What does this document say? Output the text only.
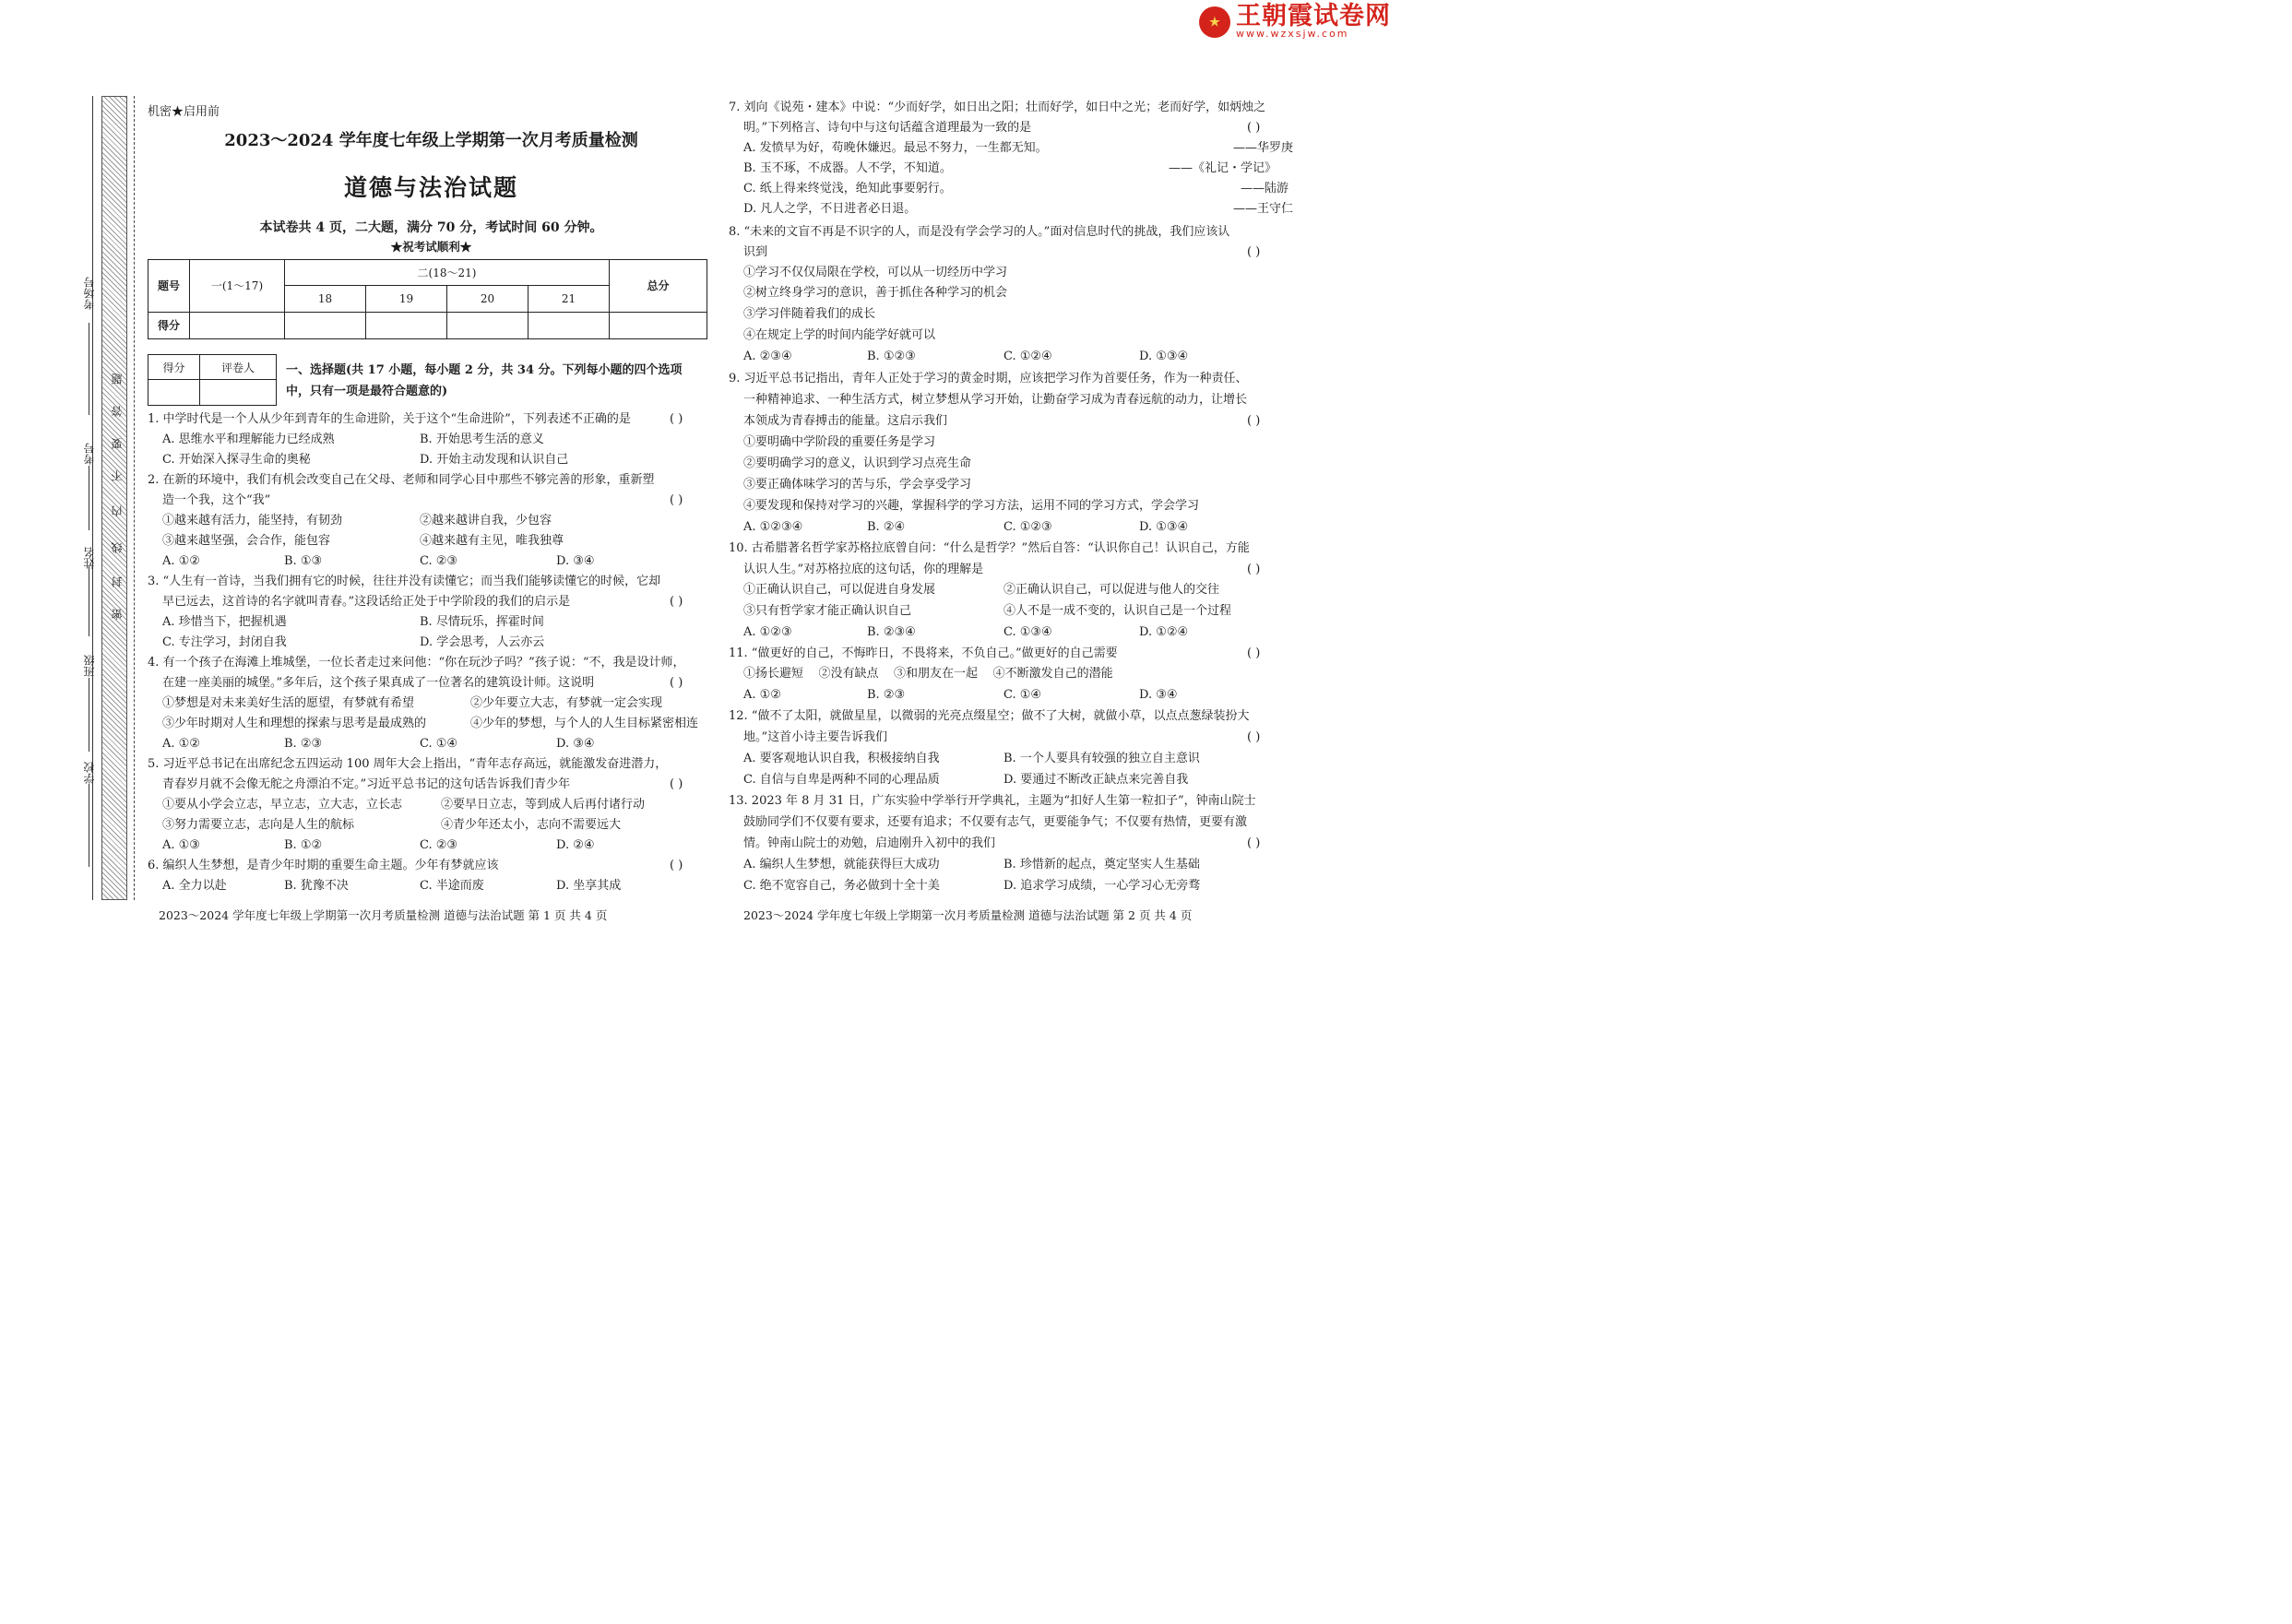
★ 王朝霞试卷网
www.wzxsjw.com
考场号
考号
姓名
班级
学校
题
答
要
不
内
线
封
密
机密★启用前
2023～2024 学年度七年级上学期第一次月考质量检测
道德与法治试题
本试卷共 4 页，二大题，满分 70 分，考试时间 60 分钟。
★祝考试顺利★
题号	一(1～17)	二(18～21)				总分
		18	19	20	21	
得分						
得分	评卷人
		一、选择题(共 17 小题，每小题 2 分，共 34 分。下列每小题的四个选项
中，只有一项是最符合题意的)
1. 中学时代是一个人从少年到青年的生命进阶，关于这个“生命进阶”，下列表述不正确的是	( )
A. 思维水平和理解能力已经成熟	B. 开始思考生活的意义
C. 开始深入探寻生命的奥秘	D. 开始主动发现和认识自己
2. 在新的环境中，我们有机会改变自己在父母、老师和同学心目中那些不够完善的形象，重新塑
造一个我，这个“我”	( )
①越来越有活力，能坚持，有韧劲	②越来越讲自我，少包容
③越来越坚强，会合作，能包容	④越来越有主见，唯我独尊
A. ①②	B. ①③	C. ②③	D. ③④
3. “人生有一首诗，当我们拥有它的时候，往往并没有读懂它；而当我们能够读懂它的时候，它却
早已远去，这首诗的名字就叫青春。”这段话给正处于中学阶段的我们的启示是	( )
A. 珍惜当下，把握机遇	B. 尽情玩乐，挥霍时间
C. 专注学习，封闭自我	D. 学会思考，人云亦云
4. 有一个孩子在海滩上堆城堡，一位长者走过来问他：“你在玩沙子吗？”孩子说：“不，我是设计师，
在建一座美丽的城堡。”多年后，这个孩子果真成了一位著名的建筑设计师。这说明	( )
①梦想是对未来美好生活的愿望，有梦就有希望	②少年要立大志，有梦就一定会实现
③少年时期对人生和理想的探索与思考是最成熟的	④少年的梦想，与个人的人生目标紧密相连
A. ①②	B. ②③	C. ①④	D. ③④
5. 习近平总书记在出席纪念五四运动 100 周年大会上指出，“青年志存高远，就能激发奋进潜力，
青春岁月就不会像无舵之舟漂泊不定。”习近平总书记的这句话告诉我们青少年	( )
①要从小学会立志，早立志，立大志，立长志	②要早日立志，等到成人后再付诸行动
③努力需要立志，志向是人生的航标	④青少年还太小，志向不需要远大
A. ①③	B. ①②	C. ②③	D. ②④
6. 编织人生梦想，是青少年时期的重要生命主题。少年有梦就应该	( )
A. 全力以赴	B. 犹豫不决	C. 半途而废	D. 坐享其成
2023～2024 学年度七年级上学期第一次月考质量检测 道德与法治试题 第 1 页 共 4 页
7. 刘向《说苑・建本》中说：“少而好学，如日出之阳；壮而好学，如日中之光；老而好学，如炳烛之
明。”下列格言、诗句中与这句话蕴含道理最为一致的是	( )
A. 发愤早为好，苟晚休嫌迟。最忌不努力，一生都无知。	——华罗庚
B. 玉不琢，不成器。人不学，不知道。	——《礼记・学记》
C. 纸上得来终觉浅，绝知此事要躬行。	——陆游
D. 凡人之学，不日进者必日退。	——王守仁
8. “未来的文盲不再是不识字的人，而是没有学会学习的人。”面对信息时代的挑战，我们应该认
识到	( )
①学习不仅仅局限在学校，可以从一切经历中学习
②树立终身学习的意识，善于抓住各种学习的机会
③学习伴随着我们的成长
④在规定上学的时间内能学好就可以
A. ②③④	B. ①②③	C. ①②④	D. ①③④
9. 习近平总书记指出，青年人正处于学习的黄金时期，应该把学习作为首要任务，作为一种责任、
一种精神追求、一种生活方式，树立梦想从学习开始，让勤奋学习成为青春远航的动力，让增长
本领成为青春搏击的能量。这启示我们	( )
①要明确中学阶段的重要任务是学习
②要明确学习的意义，认识到学习点亮生命
③要正确体味学习的苦与乐，学会享受学习
④要发现和保持对学习的兴趣，掌握科学的学习方法，运用不同的学习方式，学会学习
A. ①②③④	B. ②④	C. ①②③	D. ①③④
10. 古希腊著名哲学家苏格拉底曾自问：“什么是哲学？”然后自答：“认识你自己！认识自己，方能
认识人生。”对苏格拉底的这句话，你的理解是	( )
①正确认识自己，可以促进自身发展	②正确认识自己，可以促进与他人的交往
③只有哲学家才能正确认识自己	④人不是一成不变的，认识自己是一个过程
A. ①②③	B. ②③④	C. ①③④	D. ①②④
11. “做更好的自己，不悔昨日，不畏将来，不负自己。”做更好的自己需要	( )
①扬长避短    ②没有缺点    ③和朋友在一起    ④不断激发自己的潜能
A. ①②	B. ②③	C. ①④	D. ③④
12. “做不了太阳，就做星星，以微弱的光亮点缀星空；做不了大树，就做小草，以点点葱绿装扮大
地。”这首小诗主要告诉我们	( )
A. 要客观地认识自我，积极接纳自我	B. 一个人要具有较强的独立自主意识
C. 自信与自卑是两种不同的心理品质	D. 要通过不断改正缺点来完善自我
13. 2023 年 8 月 31 日，广东实验中学举行开学典礼，主题为“扣好人生第一粒扣子”，钟南山院士
鼓励同学们不仅要有要求，还要有追求；不仅要有志气，更要能争气；不仅要有热情，更要有激
情。钟南山院士的劝勉，启迪刚升入初中的我们	( )
A. 编织人生梦想，就能获得巨大成功	B. 珍惜新的起点，奠定坚实人生基础
C. 绝不宽容自己，务必做到十全十美	D. 追求学习成绩，一心学习心无旁骛
2023～2024 学年度七年级上学期第一次月考质量检测 道德与法治试题 第 2 页 共 4 页
